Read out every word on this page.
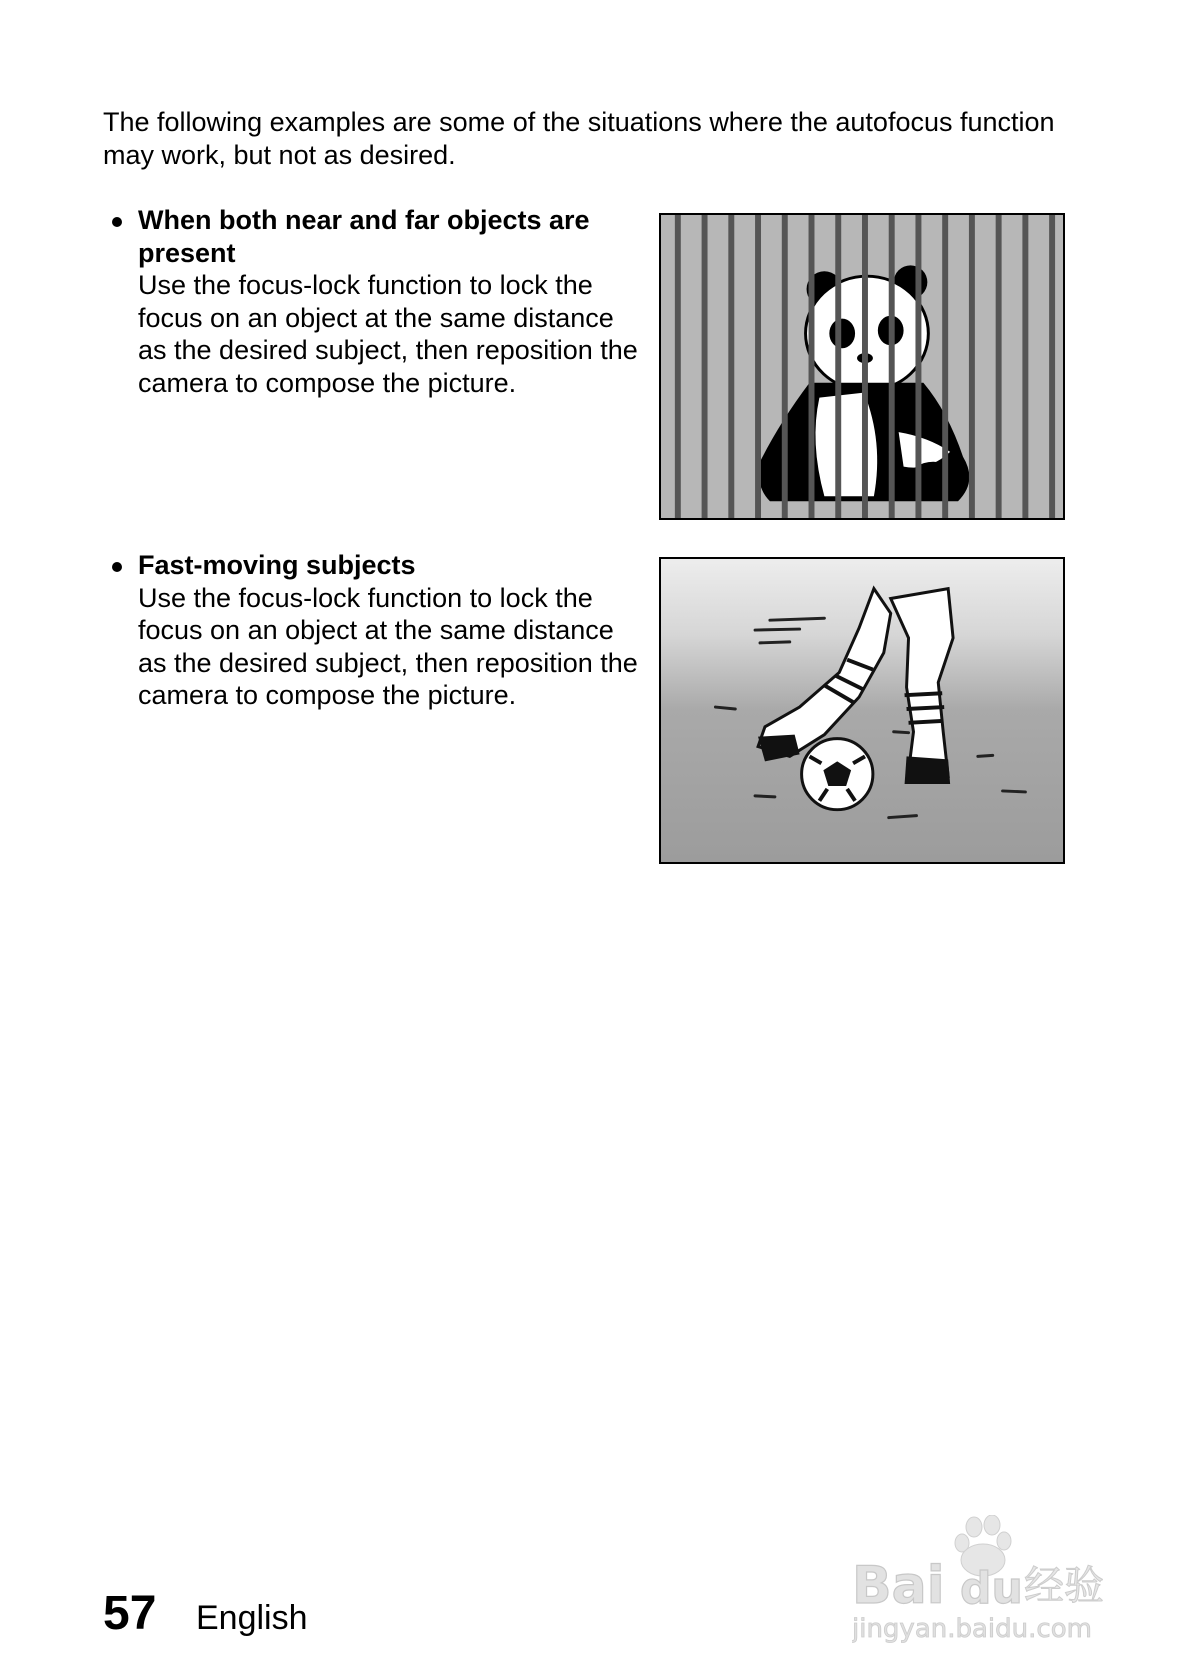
The following examples are some of the situations where the autofocus function may work, but not as desired.

When both near and far objects are present
Use the focus-lock function to lock the focus on an object at the same distance as the desired subject, then reposition the camera to compose the picture.
Fast-moving subjects
Use the focus-lock function to lock the focus on an object at the same distance as the desired subject, then reposition the camera to compose the picture.
57 English
Bai du 经验
jingyan.baidu.com
